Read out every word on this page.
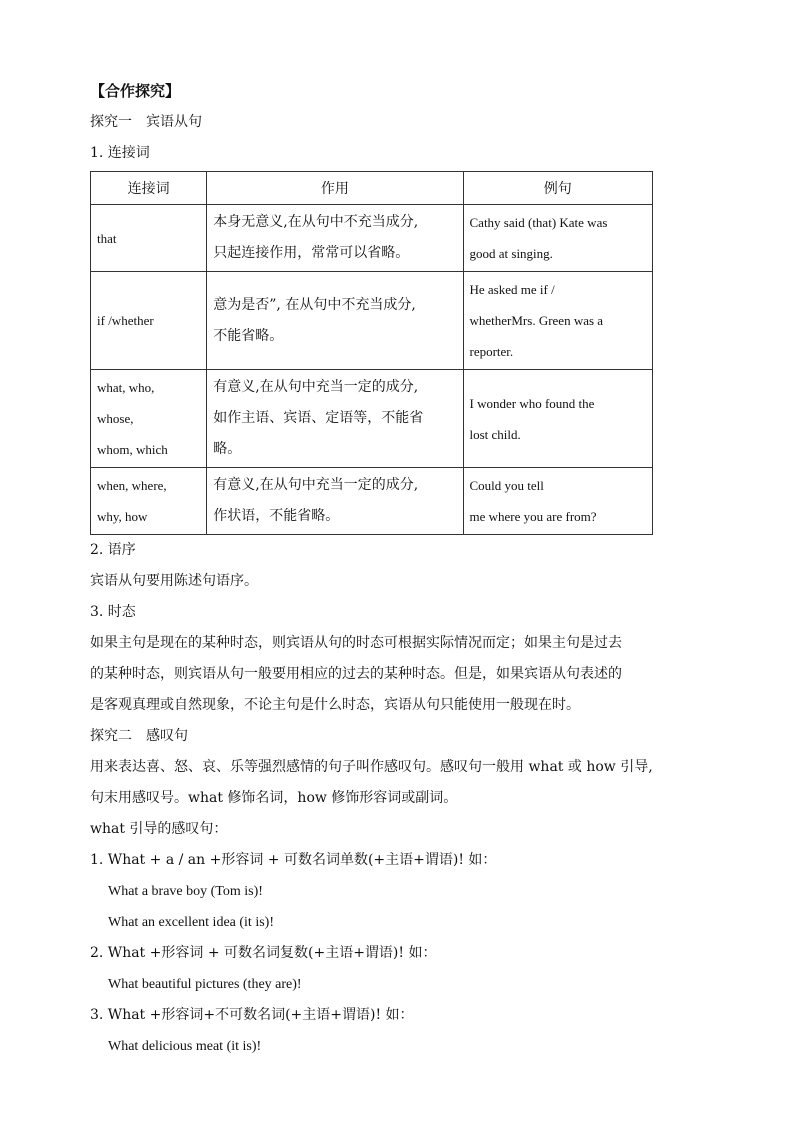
【合作探究】
探究一　宾语从句
1. 连接词
连接词	作用	例句

that	本身无意义,在从句中不充当成分,
只起连接作用，常常可以省略。	Cathy said (that) Kate was
good at singing.

if /whether	意为是否”, 在从句中不充当成分,
不能省略。	He asked me if /
whetherMrs. Green was a
reporter.

what, who,
whose,
whom, which	有意义,在从句中充当一定的成分,
如作主语、宾语、定语等，不能省
略。	I wonder who found the
lost child.

when, where,
why, how	有意义,在从句中充当一定的成分,
作状语，不能省略。	Could you tell
me where you are from?
2. 语序
宾语从句要用陈述句语序。
3. 时态
如果主句是现在的某种时态，则宾语从句的时态可根据实际情况而定；如果主句是过去
的某种时态，则宾语从句一般要用相应的过去的某种时态。但是，如果宾语从句表述的
是客观真理或自然现象，不论主句是什么时态，宾语从句只能使用一般现在时。
探究二　感叹句
用来表达喜、怒、哀、乐等强烈感情的句子叫作感叹句。感叹句一般用 what 或 how 引导,
句末用感叹号。what 修饰名词，how 修饰形容词或副词。
what 引导的感叹句：
1. What + a / an +形容词 + 可数名词单数(+主语+谓语)! 如：
What a brave boy (Tom is)!
What an excellent idea (it is)!
2. What +形容词 + 可数名词复数(+主语+谓语)! 如：
What beautiful pictures (they are)!
3. What +形容词+不可数名词(+主语+谓语)! 如：
What delicious meat (it is)!
